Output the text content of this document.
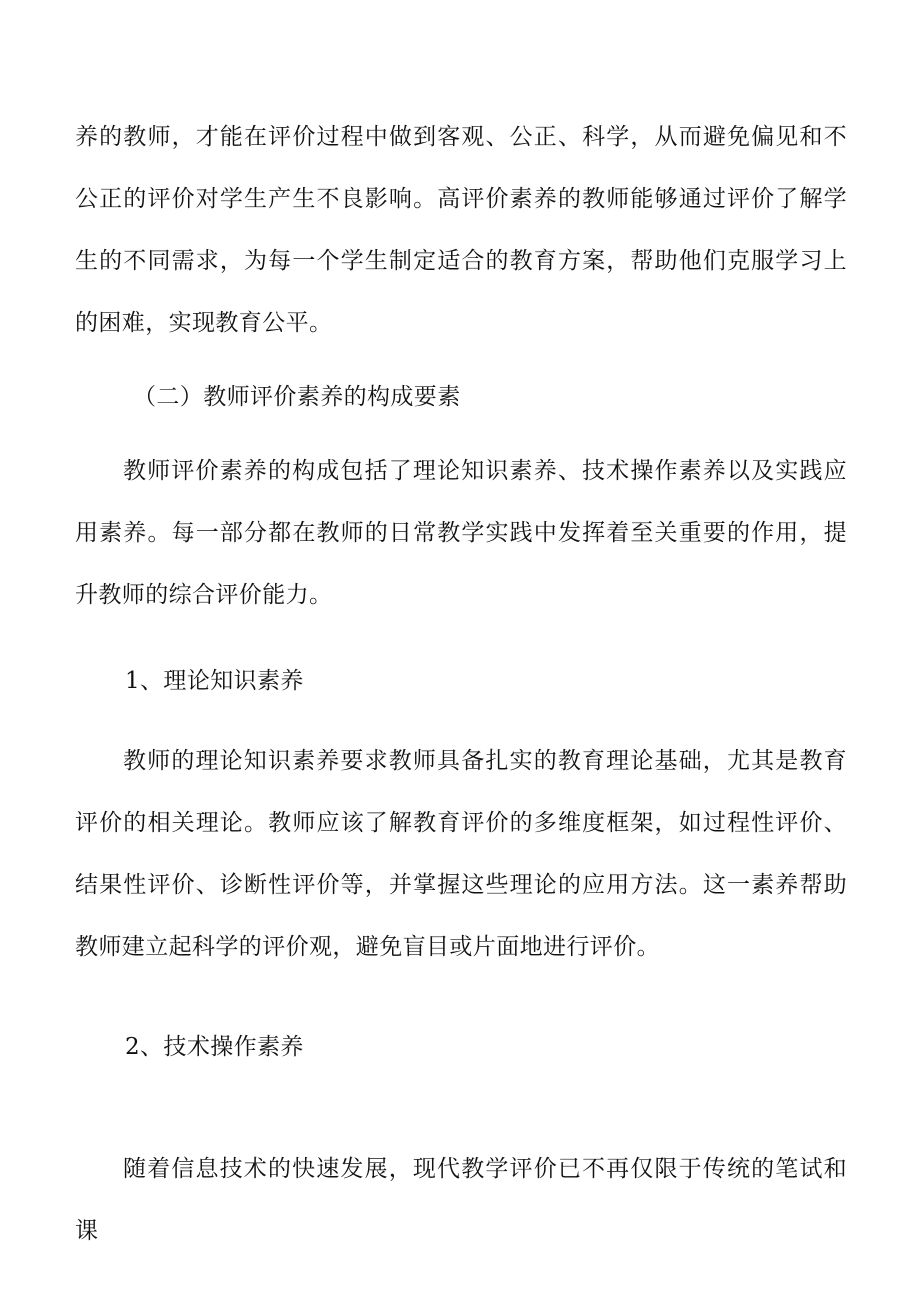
养的教师，才能在评价过程中做到客观、公正、科学，从而避免偏见和不公正的评价对学生产生不良影响。高评价素养的教师能够通过评价了解学生的不同需求，为每一个学生制定适合的教育方案，帮助他们克服学习上的困难，实现教育公平。

（二）教师评价素养的构成要素

教师评价素养的构成包括了理论知识素养、技术操作素养以及实践应用素养。每一部分都在教师的日常教学实践中发挥着至关重要的作用，提升教师的综合评价能力。

1、理论知识素养

教师的理论知识素养要求教师具备扎实的教育理论基础，尤其是教育评价的相关理论。教师应该了解教育评价的多维度框架，如过程性评价、结果性评价、诊断性评价等，并掌握这些理论的应用方法。这一素养帮助教师建立起科学的评价观，避免盲目或片面地进行评价。

2、技术操作素养

随着信息技术的快速发展，现代教学评价已不再仅限于传统的笔试和课
